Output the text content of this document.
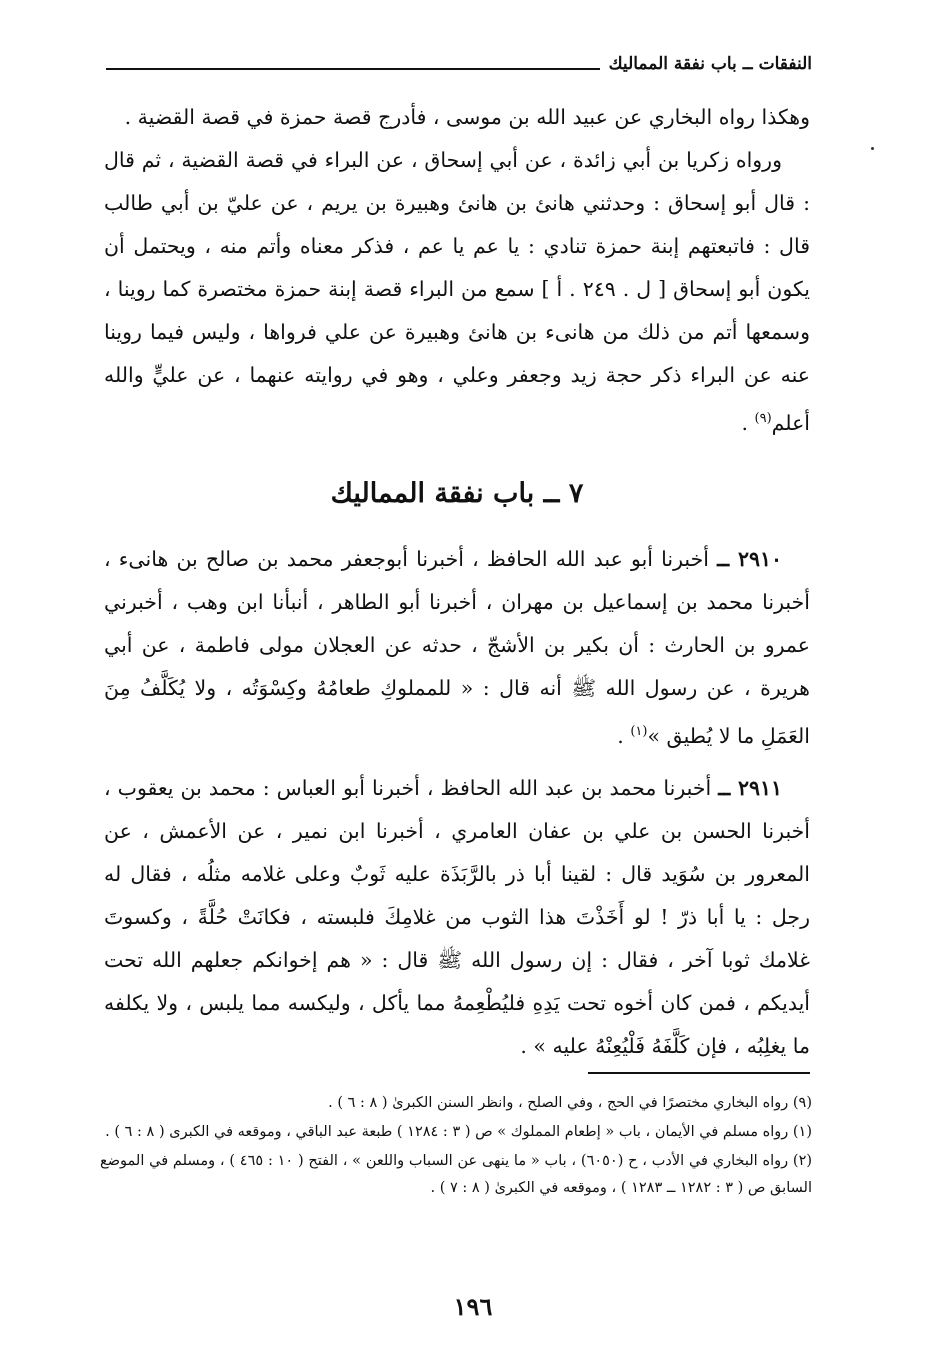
النفقات ــ باب نفقة المماليك

وهكذا رواه البخاري عن عبيد الله بن موسى ، فأدرج قصة حمزة في قصة القضية .

ورواه زكريا بن أبي زائدة ، عن أبي إسحاق ، عن البراء في قصة القضية ، ثم قال : قال أبو إسحاق : وحدثني هانئ بن هانئ وهبيرة بن يريم ، عن عليّ بن أبي طالب قال : فاتبعتهم إبنة حمزة تنادي : يا عم يا عم ، فذكر معناه وأتم منه ، ويحتمل أن يكون أبو إسحاق [ ل . ٢٤٩ . أ ] سمع من البراء قصة إبنة حمزة مختصرة كما روينا ، وسمعها أتم من ذلك من هانىء بن هانئ وهبيرة عن علي فرواها ، وليس فيما روينا عنه عن البراء ذكر حجة زيد وجعفر وعلي ، وهو في روايته عنهما ، عن عليٍّ والله أعلم$^{(٩)}$ .

٧ ــ باب نفقة المماليك

٢٩١٠ ــ أخبرنا أبو عبد الله الحافظ ، أخبرنا أبوجعفر محمد بن صالح بن هانىء ، أخبرنا محمد بن إسماعيل بن مهران ، أخبرنا أبو الطاهر ، أنبأنا ابن وهب ، أخبرني عمرو بن الحارث : أن بكير بن الأشجّ ، حدثه عن العجلان مولى فاطمة ، عن أبي هريرة ، عن رسول الله ﷺ أنه قال : « للمملوكِ طعامُهُ وكِسْوَتُه ، ولا يُكَلَّفُ مِنَ العَمَلِ ما لا يُطيق »$^{(١)}$ .

٢٩١١ ــ أخبرنا محمد بن عبد الله الحافظ ، أخبرنا أبو العباس : محمد بن يعقوب ، أخبرنا الحسن بن علي بن عفان العامري ، أخبرنا ابن نمير ، عن الأعمش ، عن المعرور بن سُوَيد قال : لقينا أبا ذر بالرَّبَذَة عليه ثَوبٌ وعلى غلامه مثلُه ، فقال له رجل : يا أبا ذرّ ! لو أَخَذْتَ هذا الثوب من غلامِكَ فلبسته ، فكانَتْ حُلَّةً ، وكسوتَ غلامك ثوبا آخر ، فقال : إن رسول الله ﷺ قال : « هم إخوانكم جعلهم الله تحت أيديكم ، فمن كان أخوه تحت يَدِهِ فليُطْعِمهُ مما يأكل ، وليكسه مما يلبس ، ولا يكلفه ما يغلِبُه ، فإن كَلَّفَهُ فَلْيُعِنْهُ عليه » .

(٩) رواه البخاري مختصرًا في الحج ، وفي الصلح ، وانظر السنن الكبرىٰ ( ٨ : ٦ ) .

(١) رواه مسلم في الأيمان ، باب « إطعام المملوك » ص ( ٣ : ١٢٨٤ ) طبعة عبد الباقي ، وموقعه في الكبرى ( ٨ : ٦ ) .

(٢) رواه البخاري في الأدب ، ح (٦٠٥٠) ، باب « ما ينهى عن السباب واللعن » ، الفتح ( ١٠ : ٤٦٥ ) ، ومسلم في الموضع السابق ص ( ٣ : ١٢٨٢ ــ ١٢٨٣ ) ، وموقعه في الكبرىٰ ( ٨ : ٧ ) .

١٩٦
